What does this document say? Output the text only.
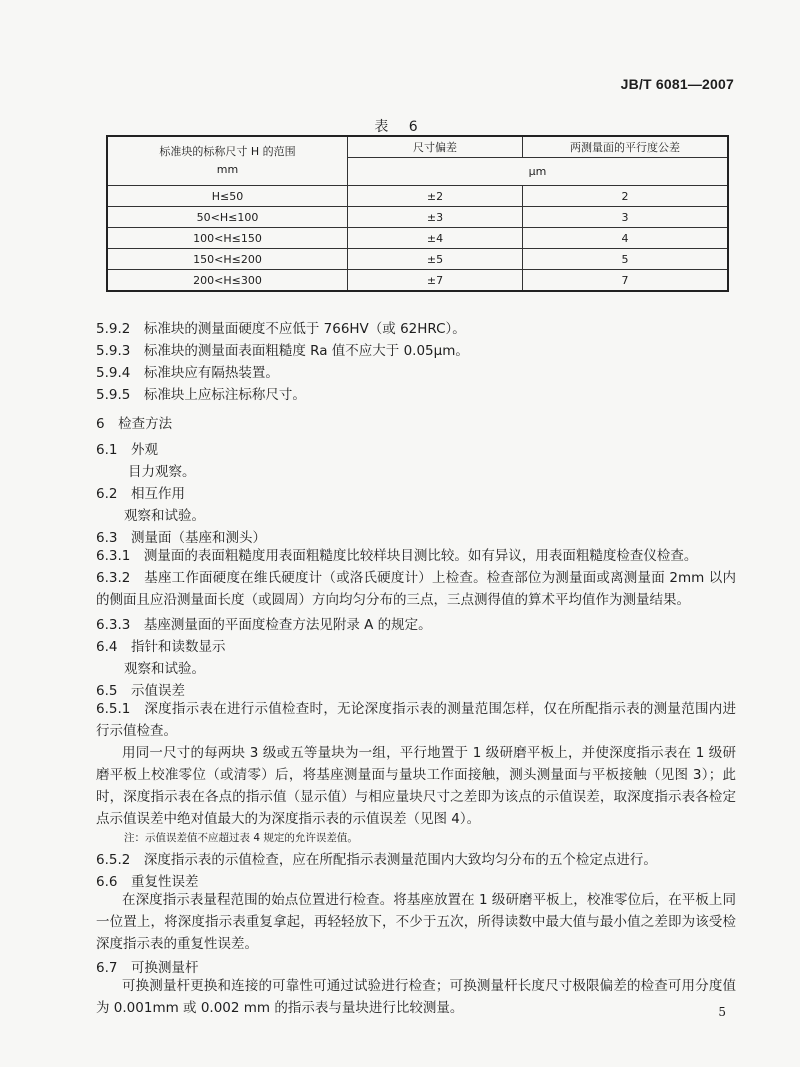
JB/T 6081—2007
表 6
标准块的标称尺寸 H 的范围
mm	尺寸偏差	两测量面的平行度公差
	μm	
H≤50	±2	2
50<H≤100	±3	3
100<H≤150	±4	4
150<H≤200	±5	5
200<H≤300	±7	7
5.9.2　标准块的测量面硬度不应低于 766HV（或 62HRC）。
5.9.3　标准块的测量面表面粗糙度 Ra 值不应大于 0.05μm。
5.9.4　标准块应有隔热装置。
5.9.5　标准块上应标注标称尺寸。
6　检查方法
6.1　外观
目力观察。
6.2　相互作用
观察和试验。
6.3　测量面（基座和测头）
6.3.1　测量面的表面粗糙度用表面粗糙度比较样块目测比较。如有异议，用表面粗糙度检查仪检查。
6.3.2　基座工作面硬度在维氏硬度计（或洛氏硬度计）上检查。检查部位为测量面或离测量面 2mm 以内的侧面且应沿测量面长度（或圆周）方向均匀分布的三点，三点测得值的算术平均值作为测量结果。
6.3.3　基座测量面的平面度检查方法见附录 A 的规定。
6.4　指针和读数显示
观察和试验。
6.5　示值误差
6.5.1　深度指示表在进行示值检查时，无论深度指示表的测量范围怎样，仅在所配指示表的测量范围内进行示值检查。
用同一尺寸的每两块 3 级或五等量块为一组，平行地置于 1 级研磨平板上，并使深度指示表在 1 级研磨平板上校准零位（或清零）后，将基座测量面与量块工作面接触，测头测量面与平板接触（见图 3）；此时，深度指示表在各点的指示值（显示值）与相应量块尺寸之差即为该点的示值误差，取深度指示表各检定点示值误差中绝对值最大的为深度指示表的示值误差（见图 4）。
注：示值误差值不应超过表 4 规定的允许误差值。
6.5.2　深度指示表的示值检查，应在所配指示表测量范围内大致均匀分布的五个检定点进行。
6.6　重复性误差
在深度指示表量程范围的始点位置进行检查。将基座放置在 1 级研磨平板上，校准零位后，在平板上同一位置上，将深度指示表重复拿起，再轻轻放下，不少于五次，所得读数中最大值与最小值之差即为该受检深度指示表的重复性误差。
6.7　可换测量杆
可换测量杆更换和连接的可靠性可通过试验进行检查；可换测量杆长度尺寸极限偏差的检查可用分度值为 0.001mm 或 0.002 mm 的指示表与量块进行比较测量。	5
